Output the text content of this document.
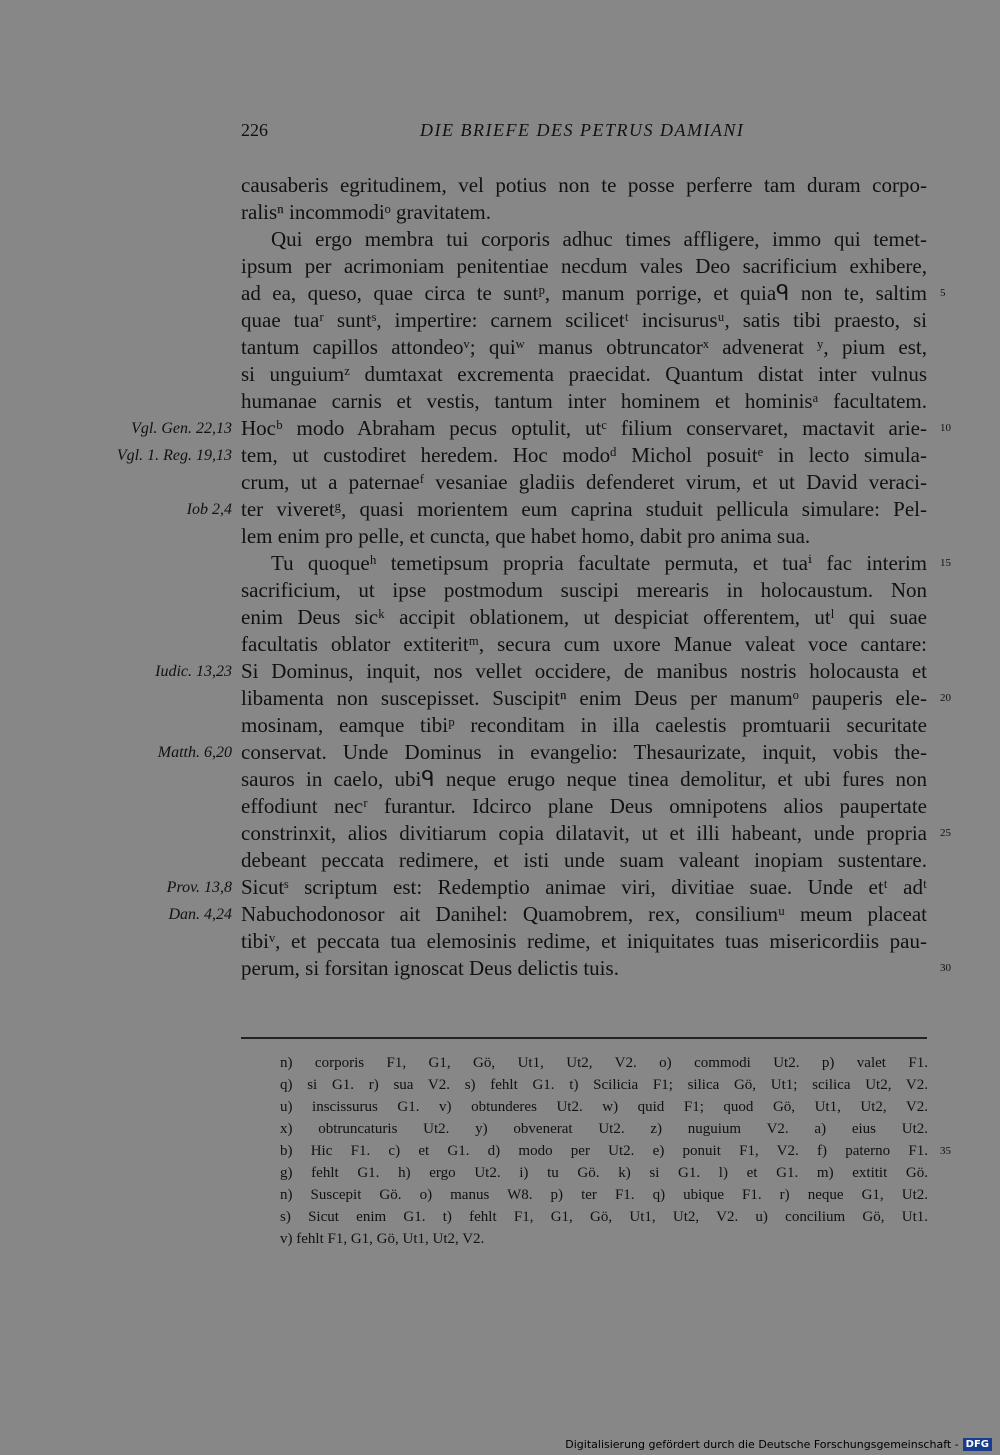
226	DIE BRIEFE DES PETRUS DAMIANI
causaberis egritudinem, vel potius non te posse perferre tam duram corpo-
ralisⁿ incommodiᵒ gravitatem.
Qui ergo membra tui corporis adhuc times affligere, immo qui temet-
ipsum per acrimoniam penitentiae necdum vales Deo sacrificium exhibere,
ad ea, queso, quae circa te suntᵖ, manum porrige, et quiaᑫ non te, saltim 5
quae tuaʳ suntˢ, impertire: carnem scilicetᵗ incisurusᵘ, satis tibi praesto, si
tantum capillos attondeoᵛ; quiʷ manus obtruncatorˣ advenerat ʸ, pium est,
si unguiumᶻ dumtaxat excrementa praecidat. Quantum distat inter vulnus
humanae carnis et vestis, tantum inter hominem et hominisᵃ facultatem.
Vgl. Gen. 22,13 Hocᵇ modo Abraham pecus optulit, utᶜ filium conservaret, mactavit arie- 10
Vgl. 1. Reg. 19,13 tem, ut custodiret heredem. Hoc modoᵈ Michol posuitᵉ in lecto simula-
crum, ut a paternaeᶠ vesaniae gladiis defenderet virum, et ut David veraci-
Iob 2,4 ter viveretᵍ, quasi morientem eum caprina studuit pellicula simulare: Pel-
lem enim pro pelle, et cuncta, que habet homo, dabit pro anima sua.
Tu quoqueʰ temetipsum propria facultate permuta, et tuaⁱ fac interim 15
sacrificium, ut ipse postmodum suscipi merearis in holocaustum. Non
enim Deus sicᵏ accipit oblationem, ut despiciat offerentem, utˡ qui suae
facultatis oblator extiteritᵐ, secura cum uxore Manue valeat voce cantare:
Iudic. 13,23 Si Dominus, inquit, nos vellet occidere, de manibus nostris holocausta et
libamenta non suscepisset. Suscipitⁿ enim Deus per manumᵒ pauperis ele- 20
mosinam, eamque tibiᵖ reconditam in illa caelestis promtuarii securitate
Matth. 6,20 conservat. Unde Dominus in evangelio: Thesaurizate, inquit, vobis the-
sauros in caelo, ubiᑫ neque erugo neque tinea demolitur, et ubi fures non
effodiunt necʳ furantur. Idcirco plane Deus omnipotens alios paupertate
constrinxit, alios divitiarum copia dilatavit, ut et illi habeant, unde propria 25
debeant peccata redimere, et isti unde suam valeant inopiam sustentare.
Prov. 13,8 Sicutˢ scriptum est: Redemptio animae viri, divitiae suae. Unde etᵗ adᵗ
Dan. 4,24 Nabuchodonosor ait Danihel: Quamobrem, rex, consiliumᵘ meum placeat
tibiᵛ, et peccata tua elemosinis redime, et iniquitates tuas misericordiis pau-
perum, si forsitan ignoscat Deus delictis tuis.	30
n) corporis F1, G1, Gö, Ut1, Ut2, V2. o) commodi Ut2. p) valet F1.
q) si G1. r) sua V2. s) fehlt G1. t) Scilicia F1; silica Gö, Ut1; scilica Ut2, V2.
u) inscissurus G1. v) obtunderes Ut2. w) quid F1; quod Gö, Ut1, Ut2, V2.
x) obtruncaturis Ut2. y) obvenerat Ut2. z) nuguium V2. a) eius Ut2.
b) Hic F1. c) et G1. d) modo per Ut2. e) ponuit F1, V2. f) paterno F1. 35
g) fehlt G1. h) ergo Ut2. i) tu Gö. k) si G1. l) et G1. m) extitit Gö.
n) Suscepit Gö. o) manus W8. p) ter F1. q) ubique F1. r) neque G1, Ut2.
s) Sicut enim G1. t) fehlt F1, G1, Gö, Ut1, Ut2, V2. u) concilium Gö, Ut1.
v) fehlt F1, G1, Gö, Ut1, Ut2, V2.
Digitalisierung gefördert durch die Deutsche Forschungsgemeinschaft - DFG
